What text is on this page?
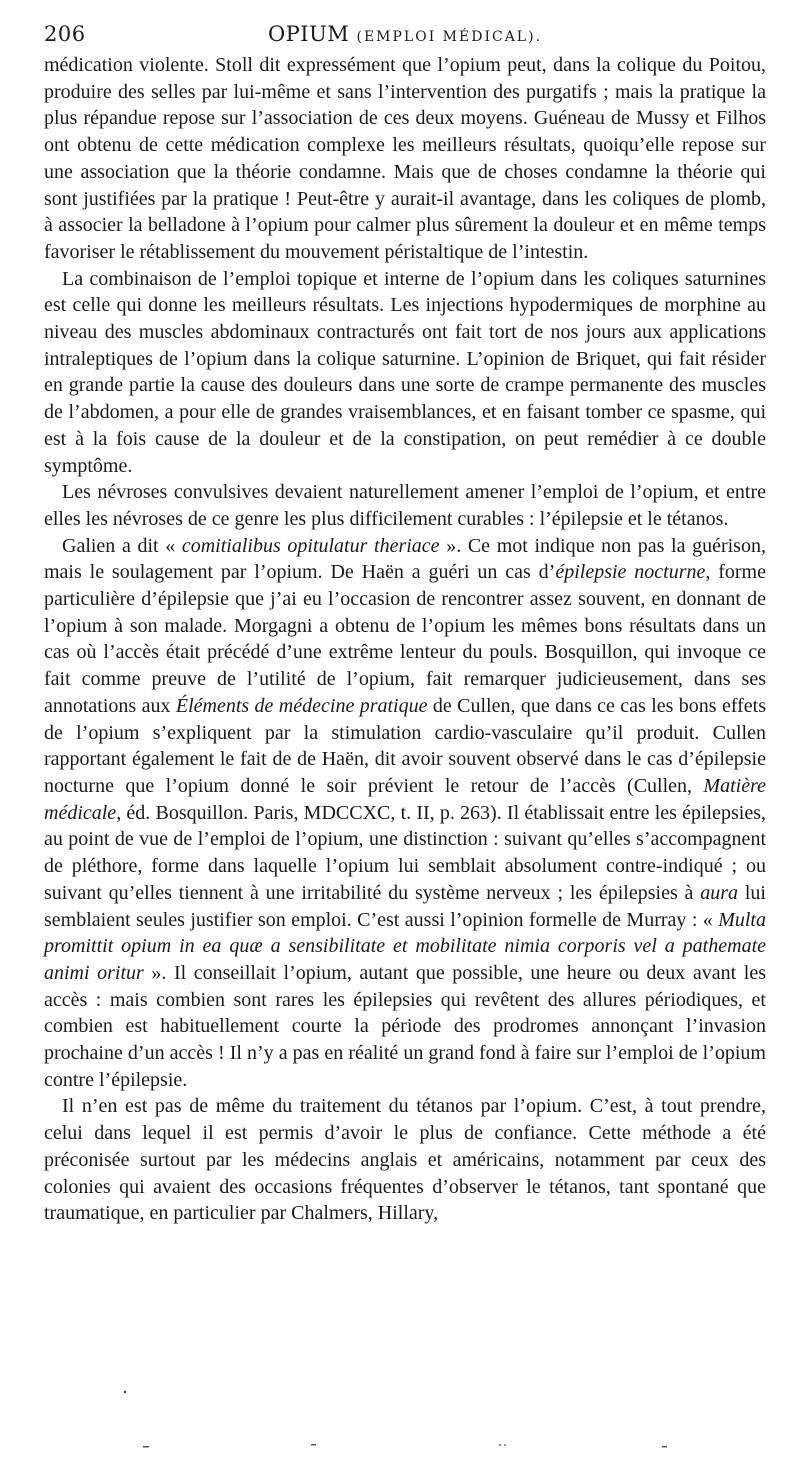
206	OPIUM (EMPLOI MÉDICAL).

médication violente. Stoll dit expressément que l’opium peut, dans la colique du Poitou, produire des selles par lui-même et sans l’intervention des purgatifs ; mais la pratique la plus répandue repose sur l’association de ces deux moyens. Guéneau de Mussy et Filhos ont obtenu de cette médication complexe les meilleurs résultats, quoiqu’elle repose sur une association que la théorie condamne. Mais que de choses condamne la théorie qui sont justifiées par la pratique ! Peut-être y aurait-il avantage, dans les coliques de plomb, à associer la belladone à l’opium pour calmer plus sûrement la douleur et en même temps favoriser le rétablissement du mouvement péristaltique de l’intestin.

La combinaison de l’emploi topique et interne de l’opium dans les coliques saturnines est celle qui donne les meilleurs résultats. Les injections hypodermiques de morphine au niveau des muscles abdominaux contracturés ont fait tort de nos jours aux applications intraleptiques de l’opium dans la colique saturnine. L’opinion de Briquet, qui fait résider en grande partie la cause des douleurs dans une sorte de crampe permanente des muscles de l’abdomen, a pour elle de grandes vraisemblances, et en faisant tomber ce spasme, qui est à la fois cause de la douleur et de la constipation, on peut remédier à ce double symptôme.

Les névroses convulsives devaient naturellement amener l’emploi de l’opium, et entre elles les névroses de ce genre les plus difficilement curables : l’épilepsie et le tétanos.

Galien a dit « comitialibus opitulatur theriace ». Ce mot indique non pas la guérison, mais le soulagement par l’opium. De Haën a guéri un cas d’épilepsie nocturne, forme particulière d’épilepsie que j’ai eu l’occasion de rencontrer assez souvent, en donnant de l’opium à son malade. Morgagni a obtenu de l’opium les mêmes bons résultats dans un cas où l’accès était précédé d’une extrême lenteur du pouls. Bosquillon, qui invoque ce fait comme preuve de l’utilité de l’opium, fait remarquer judicieusement, dans ses annotations aux Éléments de médecine pratique de Cullen, que dans ce cas les bons effets de l’opium s’expliquent par la stimulation cardio-vasculaire qu’il produit. Cullen rapportant également le fait de de Haën, dit avoir souvent observé dans le cas d’épilepsie nocturne que l’opium donné le soir prévient le retour de l’accès (Cullen, Matière médicale, éd. Bosquillon. Paris, MDCCXC, t. II, p. 263). Il établissait entre les épilepsies, au point de vue de l’emploi de l’opium, une distinction : suivant qu’elles s’accompagnent de pléthore, forme dans laquelle l’opium lui semblait absolument contre-indiqué ; ou suivant qu’elles tiennent à une irritabilité du système nerveux ; les épilepsies à aura lui semblaient seules justifier son emploi. C’est aussi l’opinion formelle de Murray : « Multa promittit opium in ea quæ a sensibilitate et mobilitate nimia corporis vel a pathemate animi oritur ». Il conseillait l’opium, autant que possible, une heure ou deux avant les accès : mais combien sont rares les épilepsies qui revêtent des allures périodiques, et combien est habituellement courte la période des prodromes annonçant l’invasion prochaine d’un accès ! Il n’y a pas en réalité un grand fond à faire sur l’emploi de l’opium contre l’épilepsie.

Il n’en est pas de même du traitement du tétanos par l’opium. C’est, à tout prendre, celui dans lequel il est permis d’avoir le plus de confiance. Cette méthode a été préconisée surtout par les médecins anglais et américains, notamment par ceux des colonies qui avaient des occasions fréquentes d’observer le tétanos, tant spontané que traumatique, en particulier par Chalmers, Hillary,
